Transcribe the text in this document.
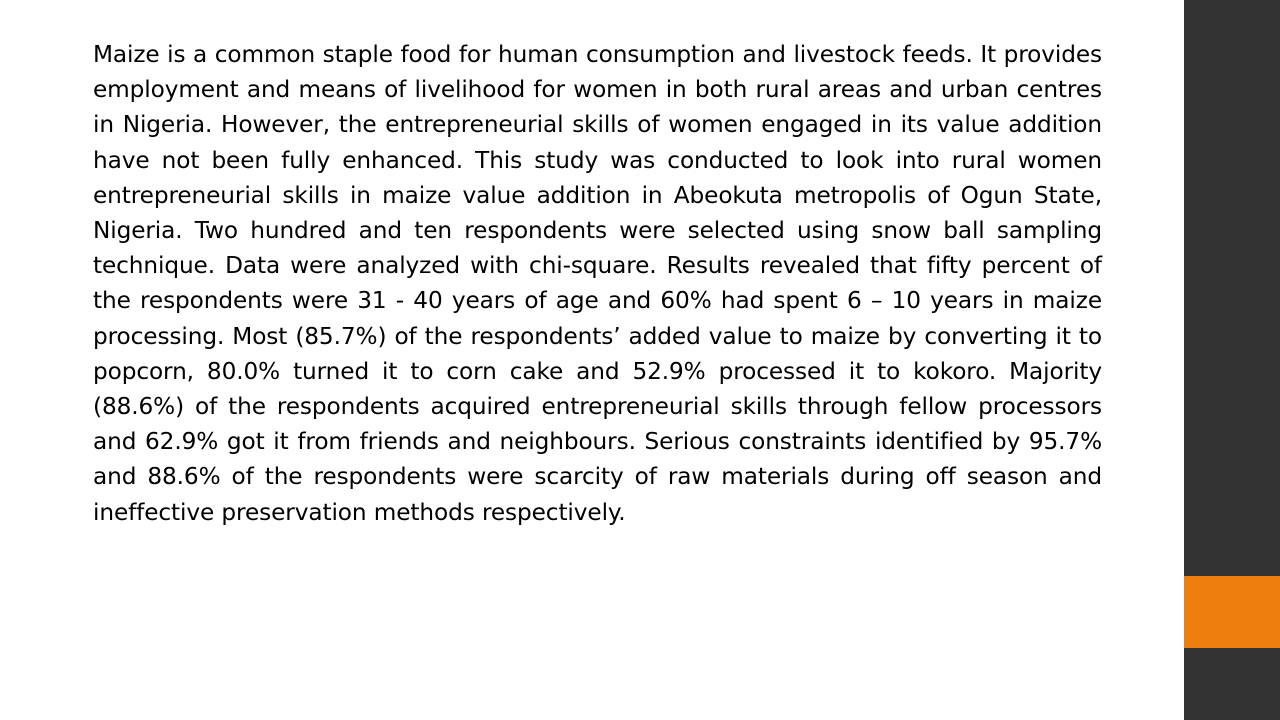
Maize is a common staple food for human consumption and livestock feeds. It provides employment and means of livelihood for women in both rural areas and urban centres in Nigeria. However, the entrepreneurial skills of women engaged in its value addition have not been fully enhanced. This study was conducted to look into rural women entrepreneurial skills in maize value addition in Abeokuta metropolis of Ogun State, Nigeria. Two hundred and ten respondents were selected using snow ball sampling technique. Data were analyzed with chi-square. Results revealed that fifty percent of the respondents were 31 - 40 years of age and 60% had spent 6 – 10 years in maize processing. Most (85.7%) of the respondents’ added value to maize by converting it to popcorn, 80.0% turned it to corn cake and 52.9% processed it to kokoro. Majority (88.6%) of the respondents acquired entrepreneurial skills through fellow processors and 62.9% got it from friends and neighbours. Serious constraints identified by 95.7% and 88.6% of the respondents were scarcity of raw materials during off season and ineffective preservation methods respectively.
